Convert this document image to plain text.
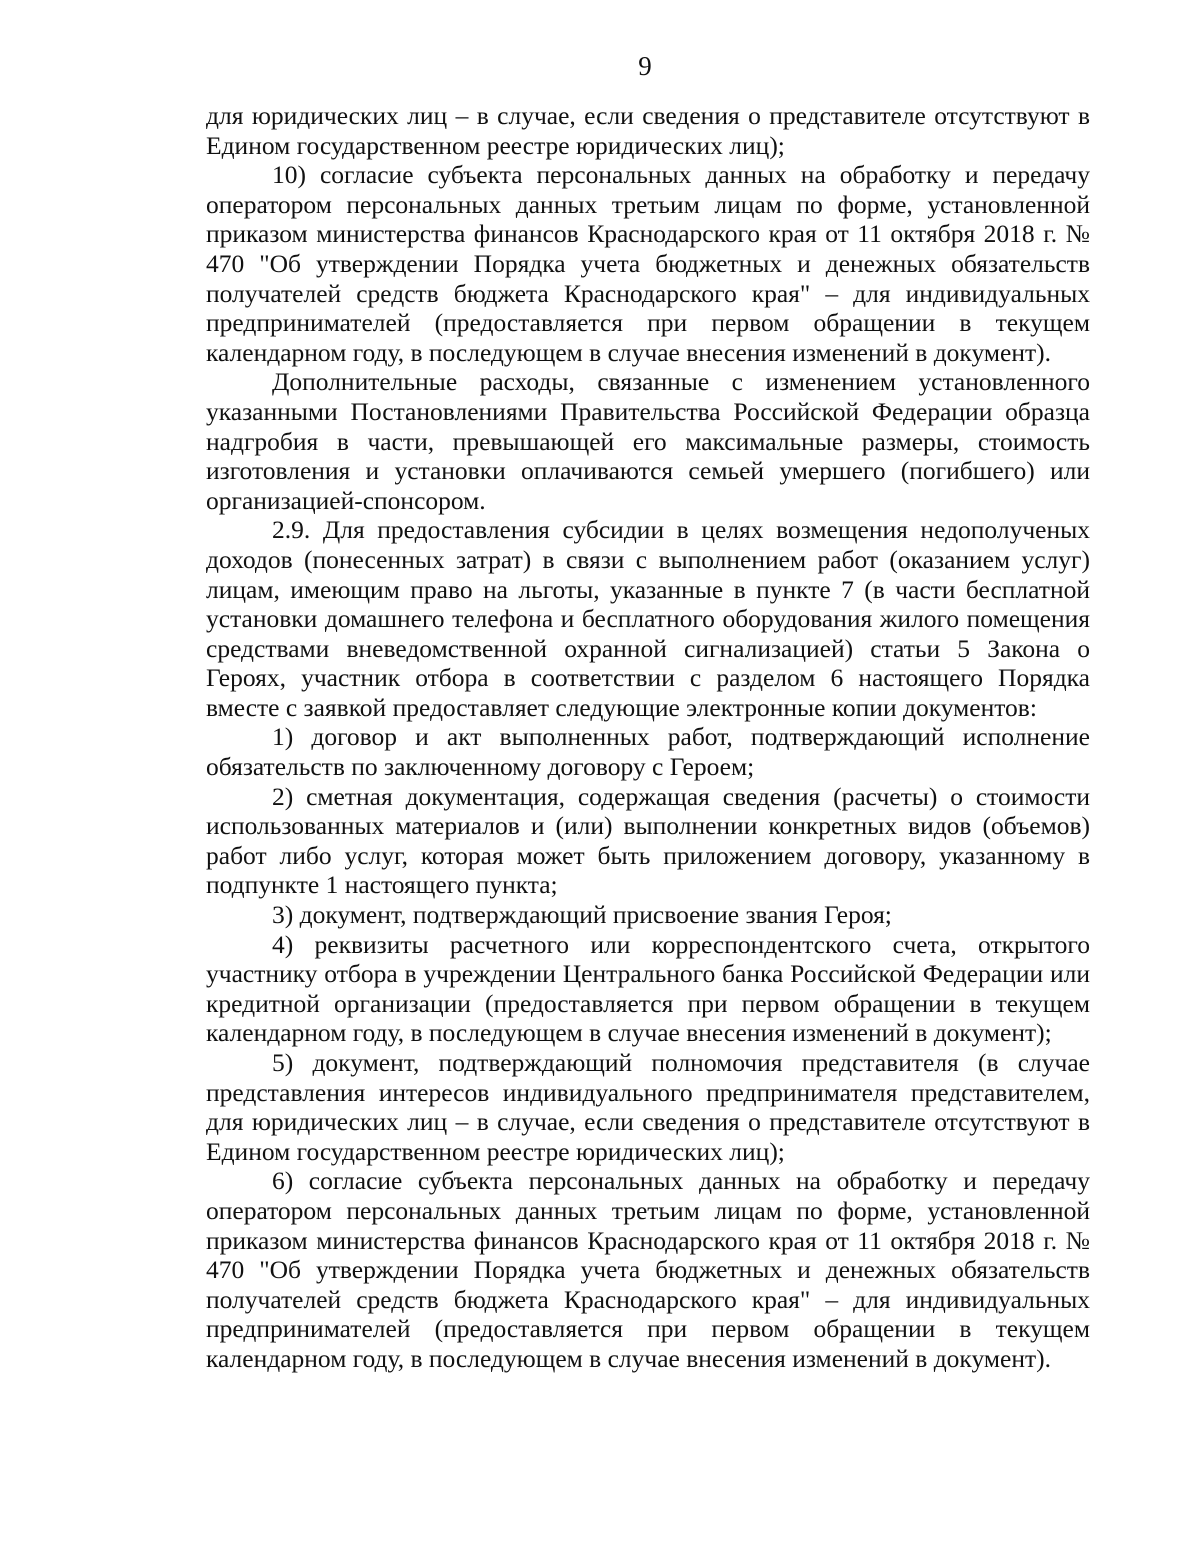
9

для юридических лиц – в случае, если сведения о представителе отсутствуют в Едином государственном реестре юридических лиц);

10) согласие субъекта персональных данных на обработку и передачу оператором персональных данных третьим лицам по форме, установленной приказом министерства финансов Краснодарского края от 11 октября 2018 г. № 470 "Об утверждении Порядка учета бюджетных и денежных обязательств получателей средств бюджета Краснодарского края" – для индивидуальных предпринимателей (предоставляется при первом обращении в текущем календарном году, в последующем в случае внесения изменений в документ).

Дополнительные расходы, связанные с изменением установленного указанными Постановлениями Правительства Российской Федерации образца надгробия в части, превышающей его максимальные размеры, стоимость изготовления и установки оплачиваются семьей умершего (погибшего) или организацией-спонсором.

2.9. Для предоставления субсидии в целях возмещения недополученых доходов (понесенных затрат) в связи с выполнением работ (оказанием услуг) лицам, имеющим право на льготы, указанные в пункте 7 (в части бесплатной установки домашнего телефона и бесплатного оборудования жилого помещения средствами вневедомственной охранной сигнализацией) статьи 5 Закона о Героях, участник отбора в соответствии с разделом 6 настоящего Порядка вместе с заявкой предоставляет следующие электронные копии документов:

1) договор и акт выполненных работ, подтверждающий исполнение обязательств по заключенному договору с Героем;

2) сметная документация, содержащая сведения (расчеты) о стоимости использованных материалов и (или) выполнении конкретных видов (объемов) работ либо услуг, которая может быть приложением договору, указанному в подпункте 1 настоящего пункта;

3) документ, подтверждающий присвоение звания Героя;

4) реквизиты расчетного или корреспондентского счета, открытого участнику отбора в учреждении Центрального банка Российской Федерации или кредитной организации (предоставляется при первом обращении в текущем календарном году, в последующем в случае внесения изменений в документ);

5) документ, подтверждающий полномочия представителя (в случае представления интересов индивидуального предпринимателя представителем, для юридических лиц – в случае, если сведения о представителе отсутствуют в Едином государственном реестре юридических лиц);

6) согласие субъекта персональных данных на обработку и передачу оператором персональных данных третьим лицам по форме, установленной приказом министерства финансов Краснодарского края от 11 октября 2018 г. № 470 "Об утверждении Порядка учета бюджетных и денежных обязательств получателей средств бюджета Краснодарского края" – для индивидуальных предпринимателей (предоставляется при первом обращении в текущем календарном году, в последующем в случае внесения изменений в документ).
